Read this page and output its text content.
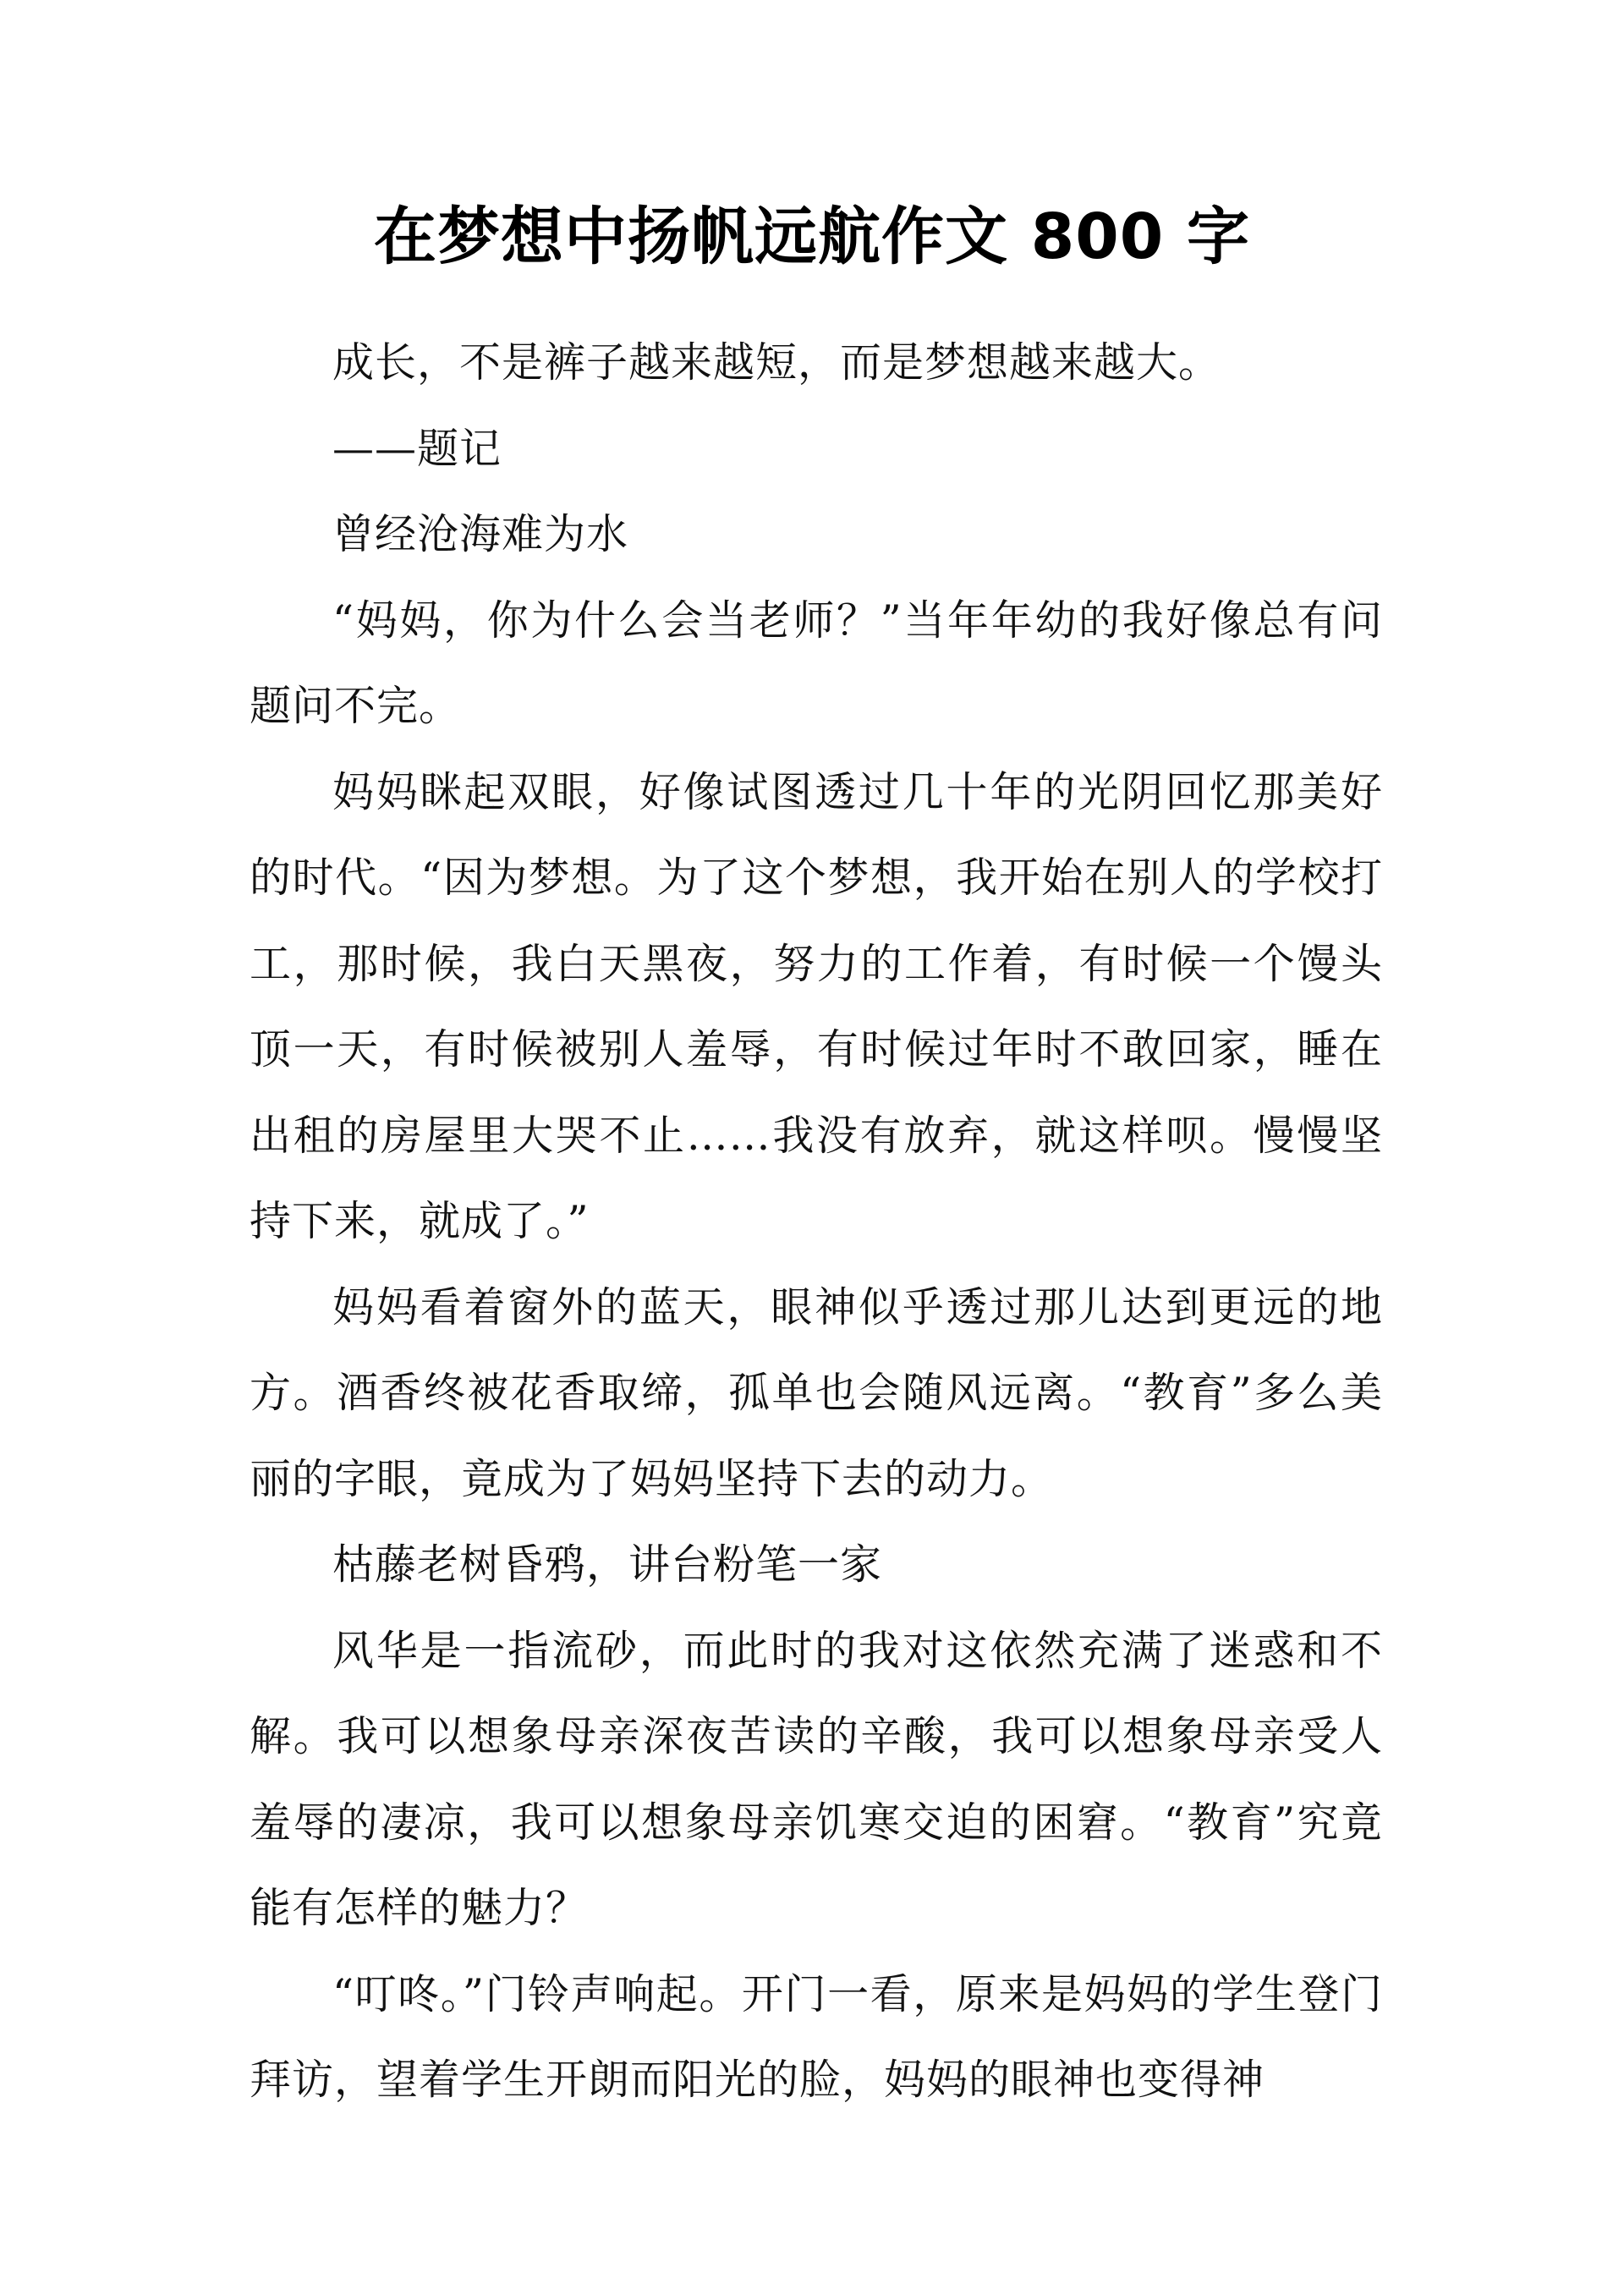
在梦想中扬帆远航作文 800 字

成长，不是裤子越来越短，而是梦想越来越大。

——题记

曾经沧海难为水

“妈妈，你为什么会当老师？”当年年幼的我好像总有问题问不完。

妈妈眯起双眼，好像试图透过几十年的光阴回忆那美好的时代。“因为梦想。为了这个梦想，我开始在别人的学校打工，那时候，我白天黑夜，努力的工作着，有时候一个馒头顶一天，有时候被别人羞辱，有时候过年时不敢回家，睡在出租的房屋里大哭不止……我没有放弃，就这样呗。慢慢坚持下来，就成了。”

妈妈看着窗外的蓝天，眼神似乎透过那儿达到更远的地方。酒香终被花香取缔，孤单也会随风远离。“教育”多么美丽的字眼，竟成为了妈妈坚持下去的动力。

枯藤老树昏鸦，讲台粉笔一家

风华是一指流砂，而此时的我对这依然充满了迷惑和不解。我可以想象母亲深夜苦读的辛酸，我可以想象母亲受人羞辱的凄凉，我可以想象母亲饥寒交迫的困窘。“教育”究竟能有怎样的魅力？

“叮咚。”门铃声响起。开门一看，原来是妈妈的学生登门拜访，望着学生开朗而阳光的脸，妈妈的眼神也变得神
